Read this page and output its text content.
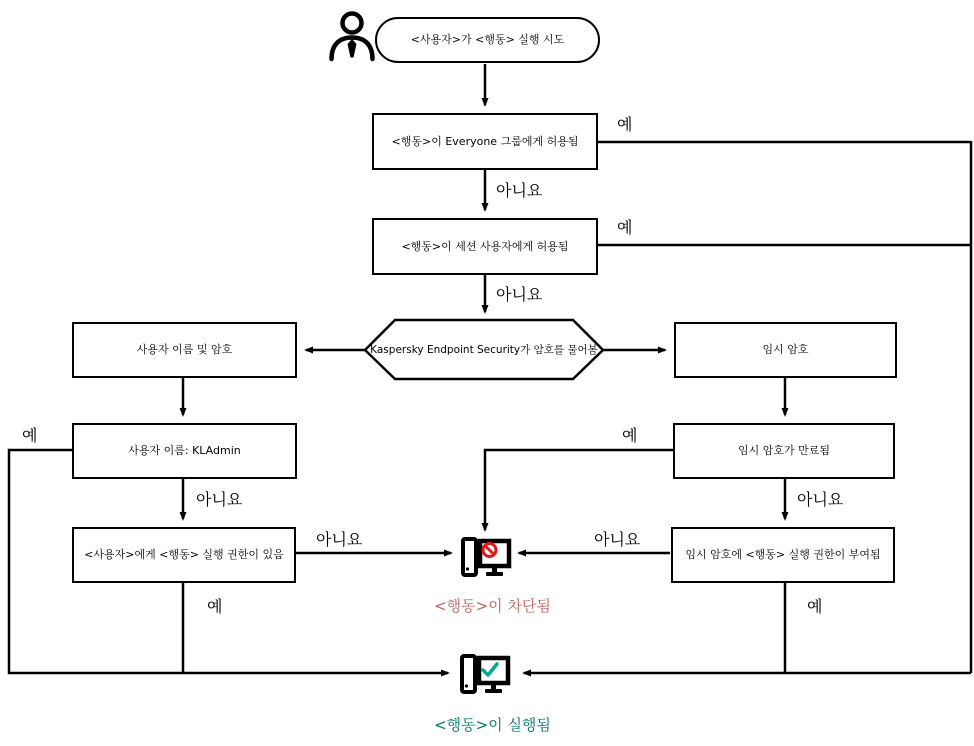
<사용자>가 <행동> 실행 시도
<행동>이 Everyone 그룹에게 허용됨
<행동>이 세션 사용자에게 허용됨
Kaspersky Endpoint Security가 암호를 물어봄
사용자 이름 및 암호
사용자 이름: KLAdmin
<사용자>에게 <행동> 실행 권한이 있음
임시 암호
임시 암호가 만료됨
임시 암호에 <행동> 실행 권한이 부여됨
예
아니요
예
아니요
예
아니요
아니요
예
예
아니요
아니요
예
<행동>이 차단됨
<행동>이 실행됨
